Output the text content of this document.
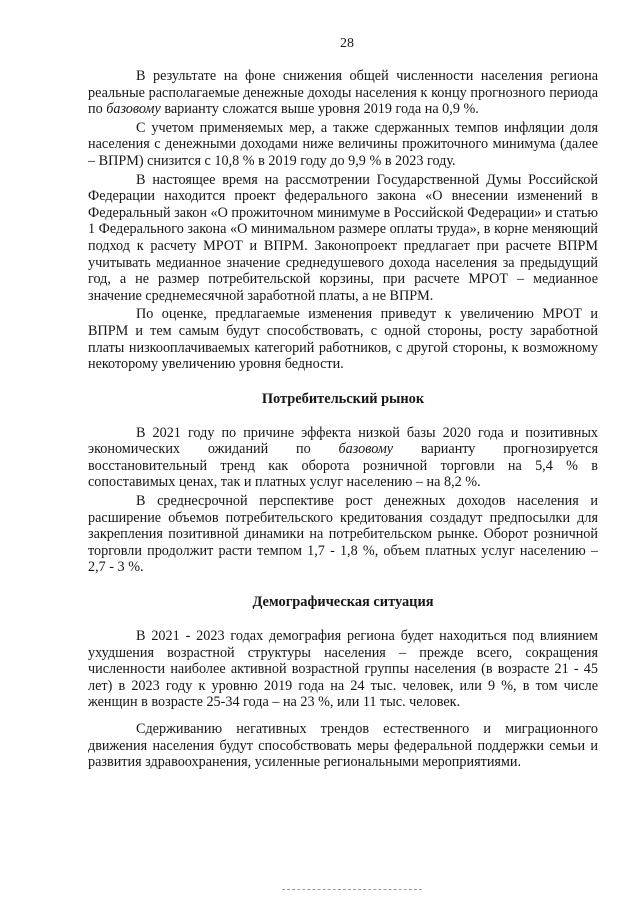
28

В результате на фоне снижения общей численности населения региона реальные располагаемые денежные доходы населения к концу прогнозного периода по базовому варианту сложатся выше уровня 2019 года на 0,9 %.

С учетом применяемых мер, а также сдержанных темпов инфляции доля населения с денежными доходами ниже величины прожиточного минимума (далее – ВПРМ) снизится с 10,8 % в 2019 году до 9,9 % в 2023 году.

В настоящее время на рассмотрении Государственной Думы Российской Федерации находится проект федерального закона «О внесении изменений в Федеральный закон «О прожиточном минимуме в Российской Федерации» и статью 1 Федерального закона «О минимальном размере оплаты труда», в корне меняющий подход к расчету МРОТ и ВПРМ. Законопроект предлагает при расчете ВПРМ учитывать медианное значение среднедушевого дохода населения за предыдущий год, а не размер потребительской корзины, при расчете МРОТ – медианное значение среднемесячной заработной платы, а не ВПРМ.

По оценке, предлагаемые изменения приведут к увеличению МРОТ и ВПРМ и тем самым будут способствовать, с одной стороны, росту заработной платы низкооплачиваемых категорий работников, с другой стороны, к возможному некоторому увеличению уровня бедности.

Потребительский рынок

В 2021 году по причине эффекта низкой базы 2020 года и позитивных экономических ожиданий по базовому варианту прогнозируется восстановительный тренд как оборота розничной торговли на 5,4 % в сопоставимых ценах, так и платных услуг населению – на 8,2 %.

В среднесрочной перспективе рост денежных доходов населения и расширение объемов потребительского кредитования создадут предпосылки для закрепления позитивной динамики на потребительском рынке. Оборот розничной торговли продолжит расти темпом 1,7 - 1,8 %, объем платных услуг населению – 2,7 - 3 %.

Демографическая ситуация

В 2021 - 2023 годах демография региона будет находиться под влиянием ухудшения возрастной структуры населения – прежде всего, сокращения численности наиболее активной возрастной группы населения (в возрасте 21 - 45 лет) в 2023 году к уровню 2019 года на 24 тыс. человек, или 9 %, в том числе женщин в возрасте 25-34 года – на 23 %, или 11 тыс. человек.

Сдерживанию негативных трендов естественного и миграционного движения населения будут способствовать меры федеральной поддержки семьи и развития здравоохранения, усиленные региональными мероприятиями.
